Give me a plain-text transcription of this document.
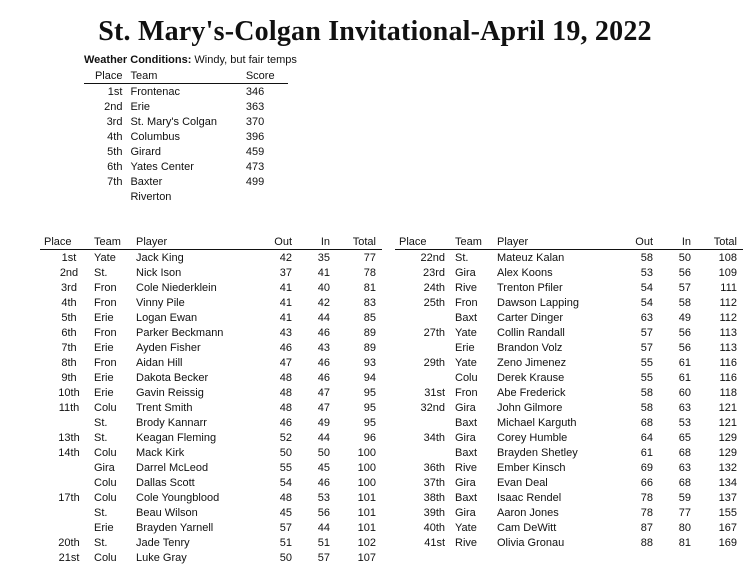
St. Mary's-Colgan Invitational-April 19, 2022
Weather Conditions: Windy, but fair temps
Place	Team	Score
1st	Frontenac	346
2nd	Erie	363
3rd	St. Mary's Colgan	370
4th	Columbus	396
5th	Girard	459
6th	Yates Center	473
7th	Baxter	499
	Riverton	
Place	Team	Player	Out	In	Total
1st	Yate	Jack King	42	35	77
2nd	St.	Nick Ison	37	41	78
3rd	Fron	Cole Niederklein	41	40	81
4th	Fron	Vinny Pile	41	42	83
5th	Erie	Logan Ewan	41	44	85
6th	Fron	Parker Beckmann	43	46	89
7th	Erie	Ayden Fisher	46	43	89
8th	Fron	Aidan Hill	47	46	93
9th	Erie	Dakota Becker	48	46	94
10th	Erie	Gavin Reissig	48	47	95
11th	Colu	Trent Smith	48	47	95
	St.	Brody Kannarr	46	49	95
13th	St.	Keagan Fleming	52	44	96
14th	Colu	Mack Kirk	50	50	100
	Gira	Darrel McLeod	55	45	100
	Colu	Dallas Scott	54	46	100
17th	Colu	Cole Youngblood	48	53	101
	St.	Beau Wilson	45	56	101
	Erie	Brayden Yarnell	57	44	101
20th	St.	Jade Tenry	51	51	102
21st	Colu	Luke Gray	50	57	107
Place	Team	Player	Out	In	Total
22nd	St.	Mateuz Kalan	58	50	108
23rd	Gira	Alex Koons	53	56	109
24th	Rive	Trenton Pfiler	54	57	111
25th	Fron	Dawson Lapping	54	58	112
	Baxt	Carter Dinger	63	49	112
27th	Yate	Collin Randall	57	56	113
	Erie	Brandon Volz	57	56	113
29th	Yate	Zeno Jimenez	55	61	116
	Colu	Derek Krause	55	61	116
31st	Fron	Abe Frederick	58	60	118
32nd	Gira	John Gilmore	58	63	121
	Baxt	Michael Karguth	68	53	121
34th	Gira	Corey Humble	64	65	129
	Baxt	Brayden Shetley	61	68	129
36th	Rive	Ember Kinsch	69	63	132
37th	Gira	Evan Deal	66	68	134
38th	Baxt	Isaac Rendel	78	59	137
39th	Gira	Aaron Jones	78	77	155
40th	Yate	Cam DeWitt	87	80	167
41st	Rive	Olivia Gronau	88	81	169
